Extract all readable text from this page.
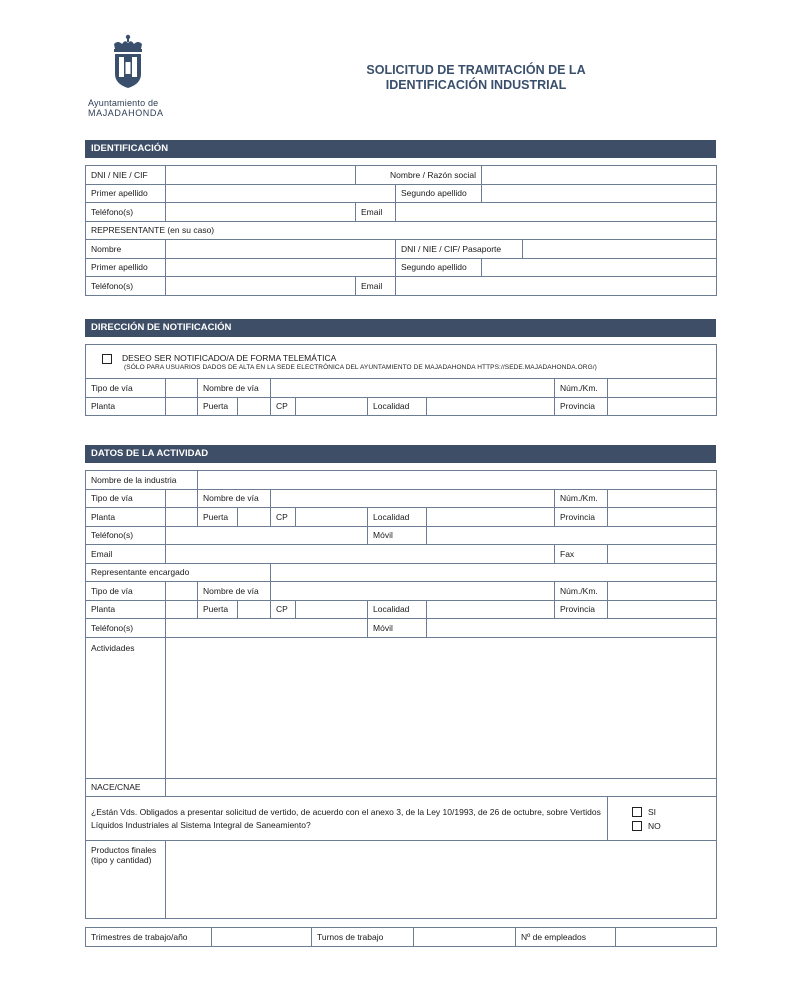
Ayuntamiento de
MAJADAHONDA
SOLICITUD DE TRAMITACIÓN DE LA
IDENTIFICACIÓN INDUSTRIAL
IDENTIFICACIÓN
DNI / NIE / CIF		Nombre / Razón social			
Primer apellido			Segundo apellido		
Teléfono(s)		Email			
REPRESENTANTE (en su caso)					
Nombre			DNI / NIE / CIF/ Pasaporte		
Primer apellido			Segundo apellido		
Teléfono(s)		Email			
DIRECCIÓN DE NOTIFICACIÓN
DESEO SER NOTIFICADO/A DE FORMA TELEMÁTICA
(SÓLO PARA USUARIOS DADOS DE ALTA EN LA SEDE ELECTRÓNICA DEL AYUNTAMIENTO DE MAJADAHONDA HTTPS://SEDE.MAJADAHONDA.ORG/)									

Tipo de vía		Nombre de vía						Núm./Km.	
Planta		Puerta		CP		Localidad		Provincia	
DATOS DE LA ACTIVIDAD
Nombre de la industria									
Tipo de vía		Nombre de vía						Núm./Km.	
Planta		Puerta		CP		Localidad		Provincia	
Teléfono(s)						Móvil			
Email								Fax	
Representante encargado									
Tipo de vía		Nombre de vía						Núm./Km.	
Planta		Puerta		CP		Localidad		Provincia	
Teléfono(s)						Móvil			
Actividades									
NACE/CNAE									
¿Están Vds. Obligados a presentar solicitud de vertido, de acuerdo con el anexo 3, de la Ley 10/1993, de 26 de octubre, sobre Vertidos Líquidos Industriales al Sistema Integral de Saneamiento?									SI
NO

Productos finales (tipo y cantidad)									
Trimestres de trabajo/año		Turnos de trabajo		Nº de empleados	
